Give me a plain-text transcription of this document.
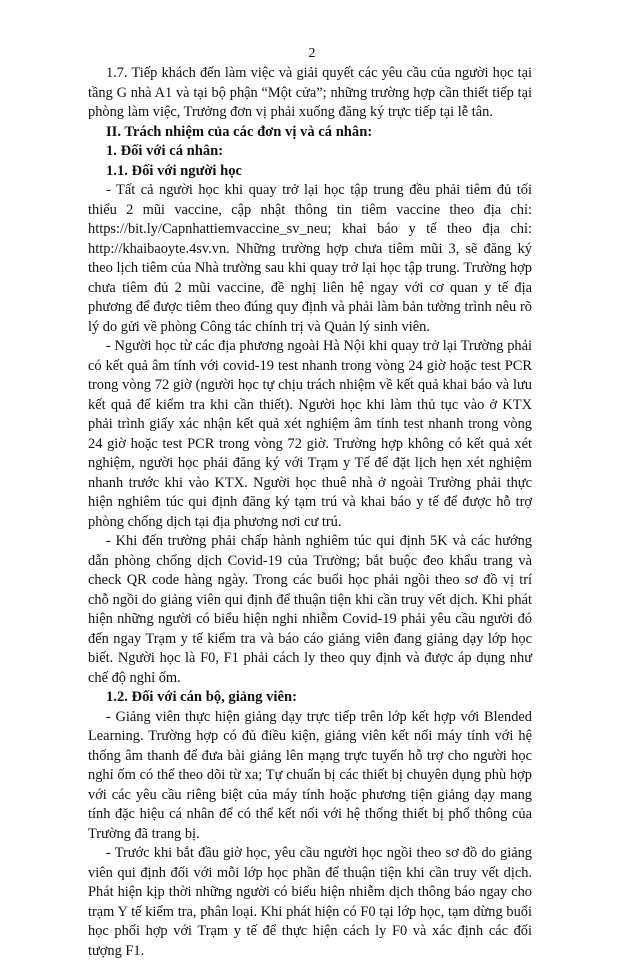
2

1.7. Tiếp khách đến làm việc và giải quyết các yêu cầu của người học tại tầng G nhà A1 và tại bộ phận “Một cửa”; những trường hợp cần thiết tiếp tại phòng làm việc, Trưởng đơn vị phải xuống đăng ký trực tiếp tại lễ tân.

II. Trách nhiệm của các đơn vị và cá nhân:
1. Đối với cá nhân:
1.1. Đối với người học

- Tất cả người học khi quay trở lại học tập trung đều phải tiêm đủ tối thiểu 2 mũi vaccine, cập nhật thông tin tiêm vaccine theo địa chỉ: https://bit.ly/Capnhattiemvaccine_sv_neu; khai báo y tế theo địa chỉ: http://khaibaoyte.4sv.vn. Những trường hợp chưa tiêm mũi 3, sẽ đăng ký theo lịch tiêm của Nhà trường sau khi quay trở lại học tập trung. Trường hợp chưa tiêm đủ 2 mũi vaccine, đề nghị liên hệ ngay với cơ quan y tế địa phương để được tiêm theo đúng quy định và phải làm bản tường trình nêu rõ lý do gửi về phòng Công tác chính trị và Quản lý sinh viên.

- Người học từ các địa phương ngoài Hà Nội khi quay trở lại Trường phải có kết quả âm tính với covid-19 test nhanh trong vòng 24 giờ hoặc test PCR trong vòng 72 giờ (người học tự chịu trách nhiệm về kết quả khai báo và lưu kết quả để kiểm tra khi cần thiết). Người học khi làm thủ tục vào ở KTX phải trình giấy xác nhận kết quả xét nghiệm âm tính test nhanh trong vòng 24 giờ hoặc test PCR trong vòng 72 giờ. Trường hợp không có kết quả xét nghiệm, người học phải đăng ký với Trạm y Tế để đặt lịch hẹn xét nghiệm nhanh trước khi vào KTX. Người học thuê nhà ở ngoài Trường phải thực hiện nghiêm túc qui định đăng ký tạm trú và khai báo y tế để được hỗ trợ phòng chống dịch tại địa phương nơi cư trú.

- Khi đến trường phải chấp hành nghiêm túc qui định 5K và các hướng dẫn phòng chống dịch Covid-19 của Trường; bắt buộc đeo khẩu trang và check QR code hàng ngày. Trong các buổi học phải ngồi theo sơ đồ vị trí chỗ ngồi do giảng viên qui định để thuận tiện khi cần truy vết dịch. Khi phát hiện những người có biểu hiện nghi nhiễm Covid-19 phải yêu cầu người đó đến ngay Trạm y tế kiểm tra và báo cáo giảng viên đang giảng dạy lớp học biết. Người học là F0, F1 phải cách ly theo quy định và được áp dụng như chế độ nghỉ ốm.

1.2. Đối với cán bộ, giảng viên:

- Giảng viên thực hiện giảng dạy trực tiếp trên lớp kết hợp với Blended Learning. Trường hợp có đủ điều kiện, giảng viên kết nối máy tính với hệ thống âm thanh để đưa bài giảng lên mạng trực tuyến hỗ trợ cho người học nghỉ ốm có thể theo dõi từ xa; Tự chuẩn bị các thiết bị chuyên dụng phù hợp với các yêu cầu riêng biệt của máy tính hoặc phương tiện giảng dạy mang tính đặc hiệu cá nhân để có thể kết nối với hệ thống thiết bị phổ thông của Trường đã trang bị.

- Trước khi bắt đầu giờ học, yêu cầu người học ngồi theo sơ đồ do giảng viên qui định đối với mỗi lớp học phần để thuận tiện khi cần truy vết dịch. Phát hiện kịp thời những người có biểu hiện nhiễm dịch thông báo ngay cho trạm Y tế kiểm tra, phân loại. Khi phát hiện có F0 tại lớp học, tạm dừng buổi học phối hợp với Trạm y tế để thực hiện cách ly F0 và xác định các đối tượng F1.
